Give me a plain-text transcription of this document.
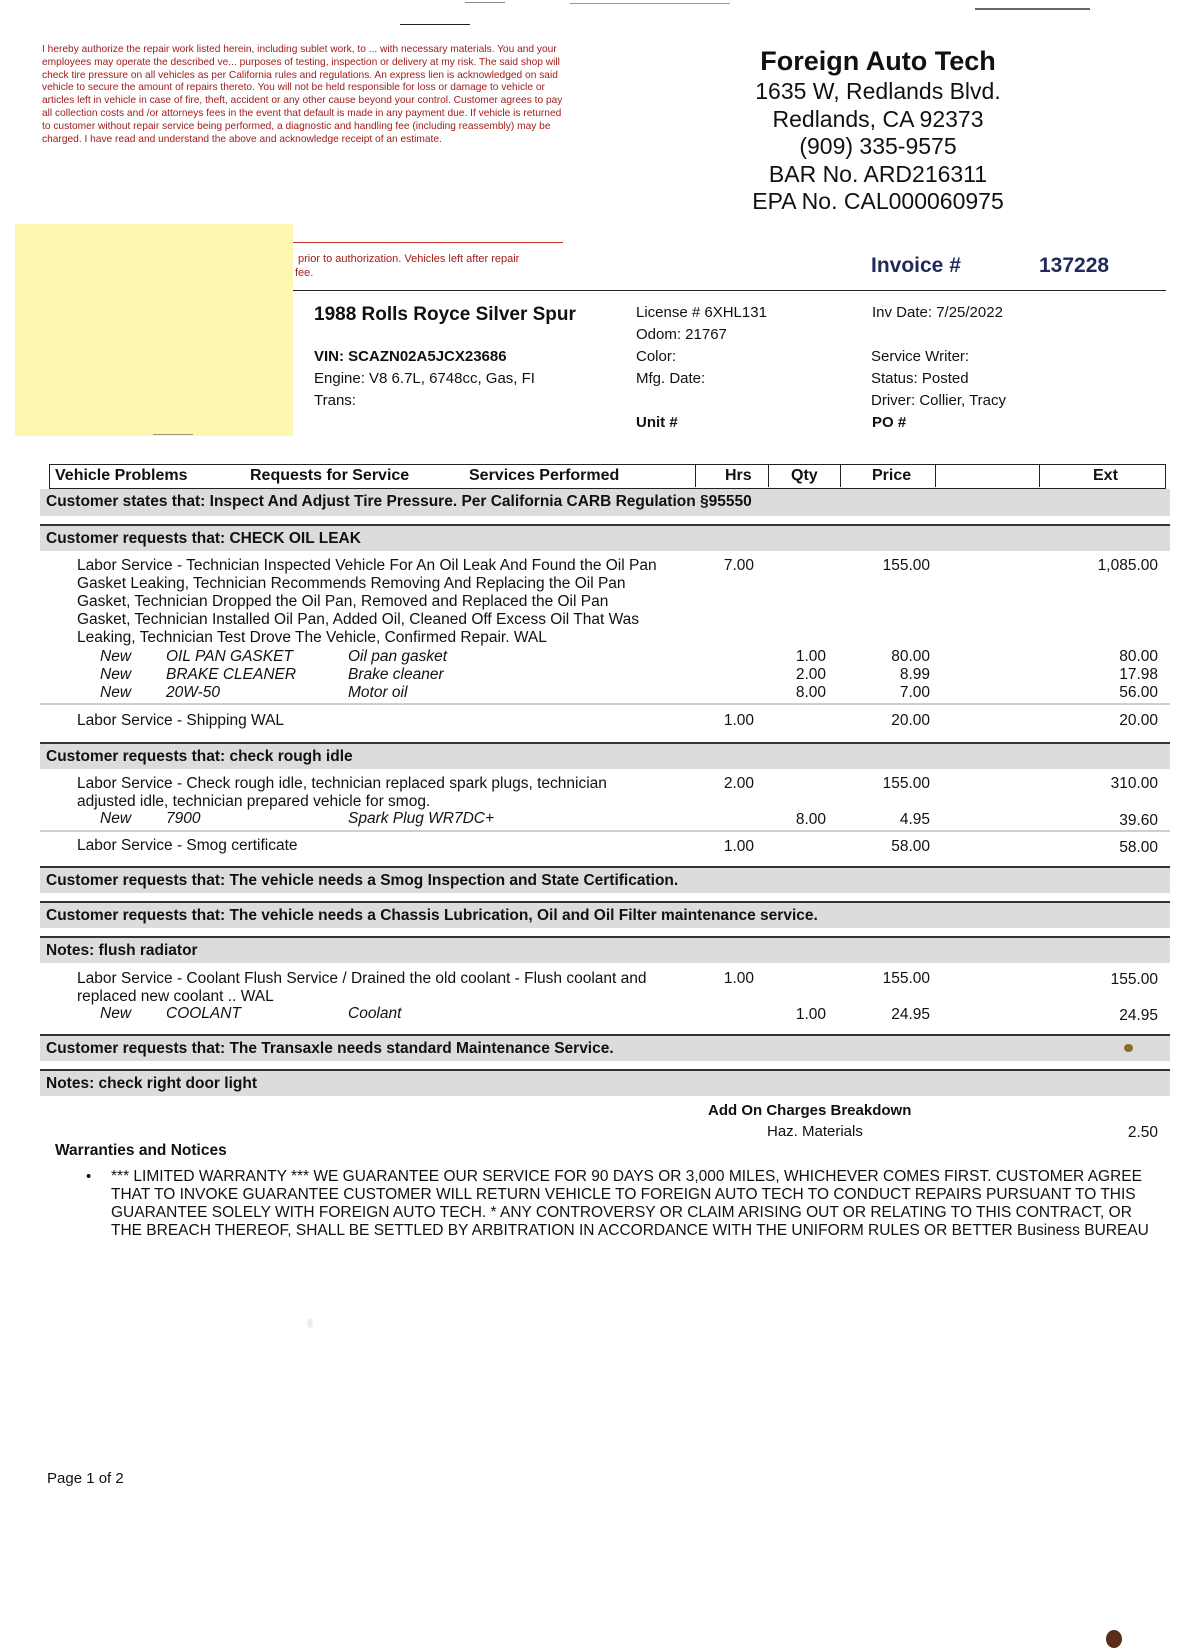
I hereby authorize the repair work listed herein, including sublet work, to ... with necessary materials. You and your employees may operate the described ve... purposes of testing, inspection or delivery at my risk. The said shop will check tire pressure on all vehicles as per California rules and regulations. An express lien is acknowledged on said vehicle to secure the amount of repairs thereto. You will not be held responsible for loss or damage to vehicle or articles left in vehicle in case of fire, theft, accident or any other cause beyond your control. Customer agrees to pay all collection costs and /or attorneys fees in the event that default is made in any payment due. If vehicle is returned to customer without repair service being performed, a diagnostic and handling fee (including reassembly) may be charged. I have read and understand the above and acknowledge receipt of an estimate.
prior to authorization. Vehicles left after repair
fee.
Foreign Auto Tech
1635 W, Redlands Blvd.
Redlands, CA 92373
(909) 335-9575
BAR No. ARD216311
EPA No. CAL000060975
Invoice #	137228
1988 Rolls Royce Silver Spur
VIN: SCAZN02A5JCX23686
Engine: V8 6.7L, 6748cc, Gas, FI
Trans:
License # 6XHL131
Odom: 21767
Color:
Mfg. Date:
Unit #
Inv Date: 7/25/2022
Service Writer:
Status: Posted
Driver: Collier, Tracy
PO #
Vehicle Problems	Requests for Service	Services Performed	Hrs Qty	Price	Ext
Customer states that: Inspect And Adjust Tire Pressure. Per California CARB Regulation §95550
Customer requests that: CHECK OIL LEAK
Labor Service - Technician Inspected Vehicle For An Oil Leak And Found the Oil Pan
Gasket Leaking, Technician Recommends Removing And Replacing the Oil Pan
Gasket, Technician Dropped the Oil Pan, Removed and Replaced the Oil Pan
Gasket, Technician Installed Oil Pan, Added Oil, Cleaned Off Excess Oil That Was
Leaking, Technician Test Drove The Vehicle, Confirmed Repair. WAL
7.00	155.00	1,085.00
New OIL PAN GASKET	Oil pan gasket	1.00	80.00	80.00
New BRAKE CLEANER	Brake cleaner	2.00	8.99	17.98
New 20W-50	Motor oil	8.00	7.00	56.00
Labor Service - Shipping WAL	1.00	20.00	20.00
Customer requests that: check rough idle
Labor Service - Check rough idle, technician replaced spark plugs, technician
adjusted idle, technician prepared vehicle for smog.
2.00	155.00	310.00
New 7900	Spark Plug WR7DC+	8.00	4.95	39.60
Labor Service - Smog certificate	1.00	58.00	58.00
Customer requests that: The vehicle needs a Smog Inspection and State Certification.
Customer requests that: The vehicle needs a Chassis Lubrication, Oil and Oil Filter maintenance service.
Notes: flush radiator
Labor Service - Coolant Flush Service / Drained the old coolant - Flush coolant and
replaced new coolant .. WAL
1.00	155.00	155.00
New COOLANT	Coolant	1.00	24.95	24.95
Customer requests that: The Transaxle needs standard Maintenance Service.
Notes: check right door light
Add On Charges Breakdown
Haz. Materials	2.50
Warranties and Notices
• *** LIMITED WARRANTY *** WE GUARANTEE OUR SERVICE FOR 90 DAYS OR 3,000 MILES, WHICHEVER COMES FIRST. CUSTOMER AGREE THAT TO INVOKE GUARANTEE CUSTOMER WILL RETURN VEHICLE TO FOREIGN AUTO TECH TO CONDUCT REPAIRS PURSUANT TO THIS GUARANTEE SOLELY WITH FOREIGN AUTO TECH. * ANY CONTROVERSY OR CLAIM ARISING OUT OR RELATING TO THIS CONTRACT, OR THE BREACH THEREOF, SHALL BE SETTLED BY ARBITRATION IN ACCORDANCE WITH THE UNIFORM RULES OR BETTER Business BUREAU
Page 1 of 2
